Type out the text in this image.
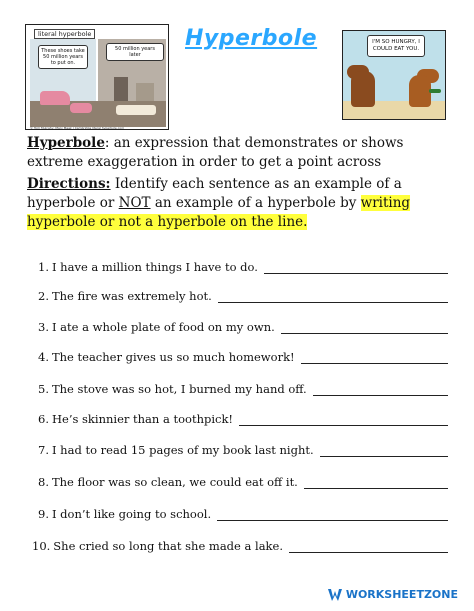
literal hyperbole
These shoes take 50 million years to put on.
50 million years later
© Tom Mulcahy, Mary Meek | Cambridge literal hyperbole.com
Hyperbole	I'M SO HUNGRY, I COULD EAT YOU.
Hyperbole: an expression that demonstrates or shows extreme exaggeration in order to get a point across
Directions: Identify each sentence as an example of a hyperbole or NOT an example of a hyperbole by writing hyperbole or not a hyperbole on the line.
1. I have a million things I have to do.
2. The fire was extremely hot.
3. I ate a whole plate of food on my own.
4. The teacher gives us so much homework!
5. The stove was so hot, I burned my hand off.
6. He’s skinnier than a toothpick!
7. I had to read 15 pages of my book last night.
8. The floor was so clean, we could eat off it.
9. I don’t like going to school.
10. She cried so long that she made a lake.
WORKSHEETZONE
